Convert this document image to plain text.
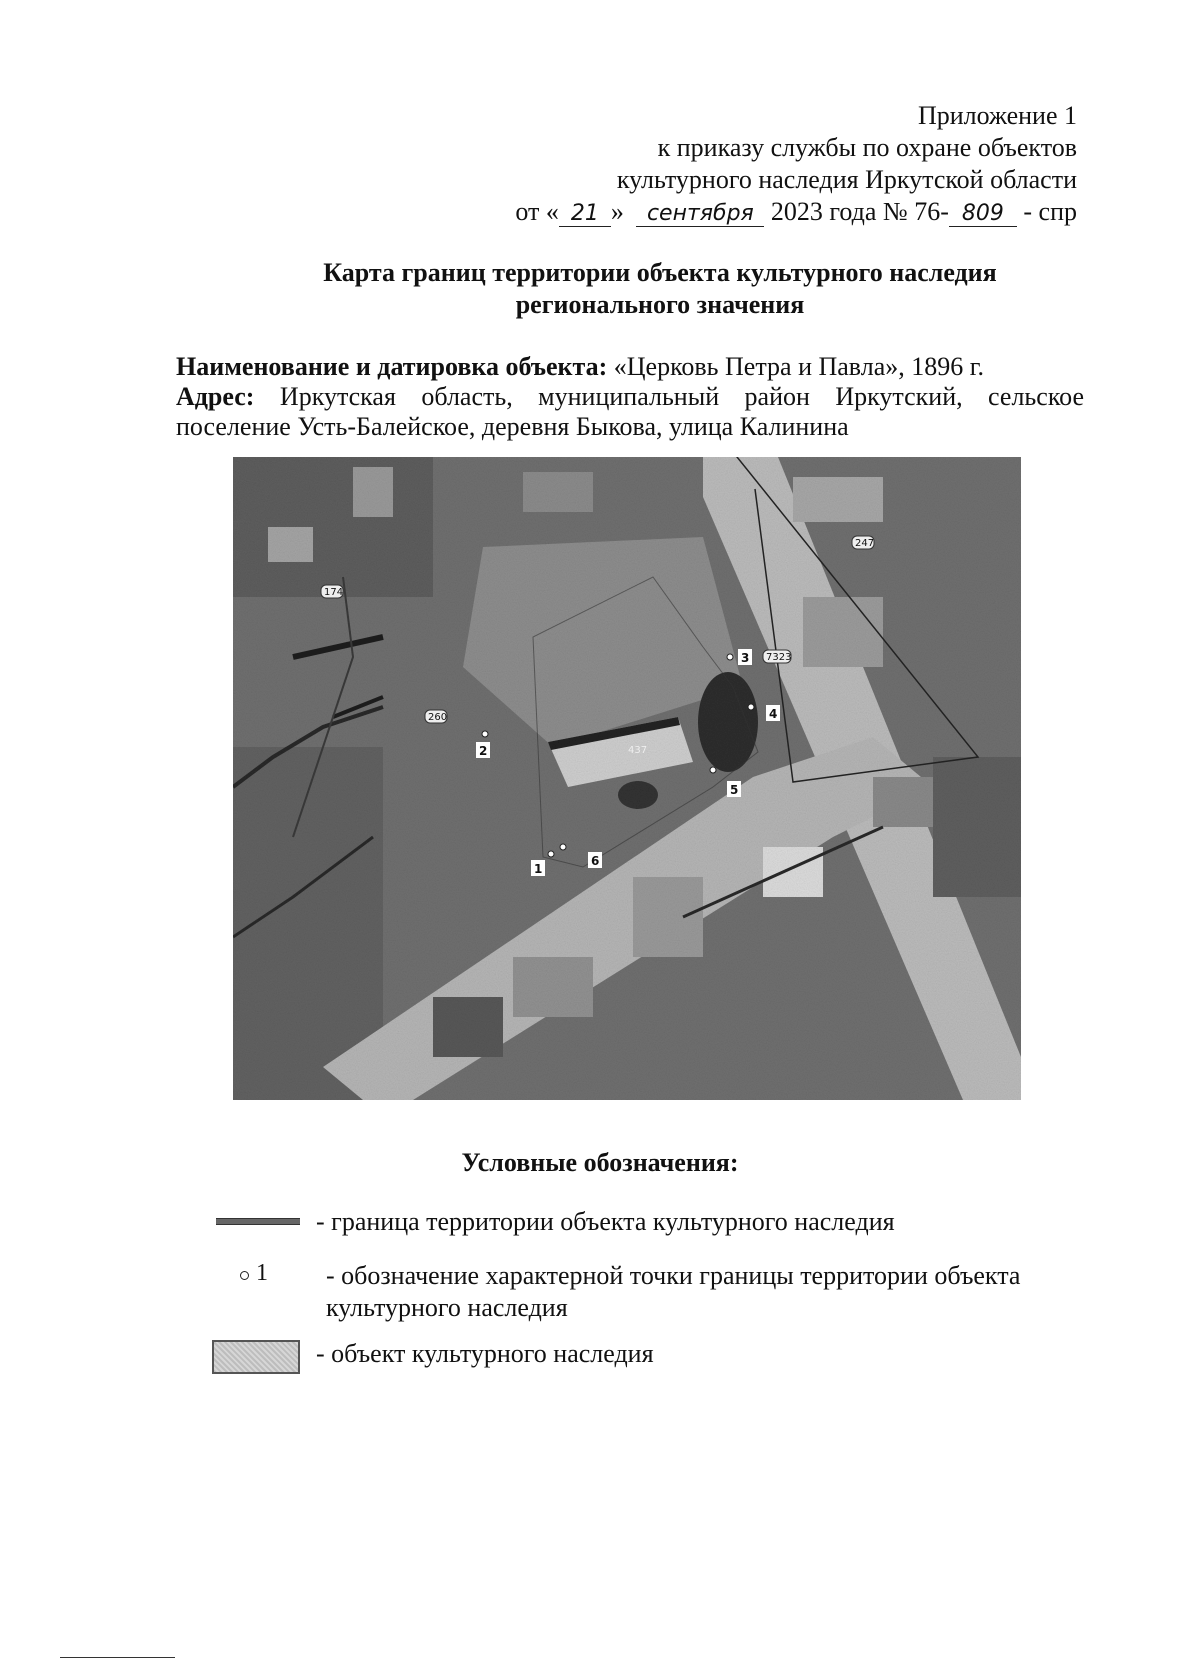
Приложение 1
к приказу службы по охране объектов
культурного наследия Иркутской области
от « 21 » сентября 2023 года № 76- 809 - спр
Карта границ территории объекта культурного наследия
регионального значения
Наименование и датировка объекта: «Церковь Петра и Павла», 1896 г.
Адрес: Иркутская область, муниципальный район Иркутский, сельское поселение Усть-Балейское, деревня Быкова, улица Калинина
174
260
247
7323
437
1
2
3
4
5
6
Условные обозначения:
- граница территории объекта культурного наследия
1 - обозначение характерной точки границы территории объекта культурного наследия
- объект культурного наследия
